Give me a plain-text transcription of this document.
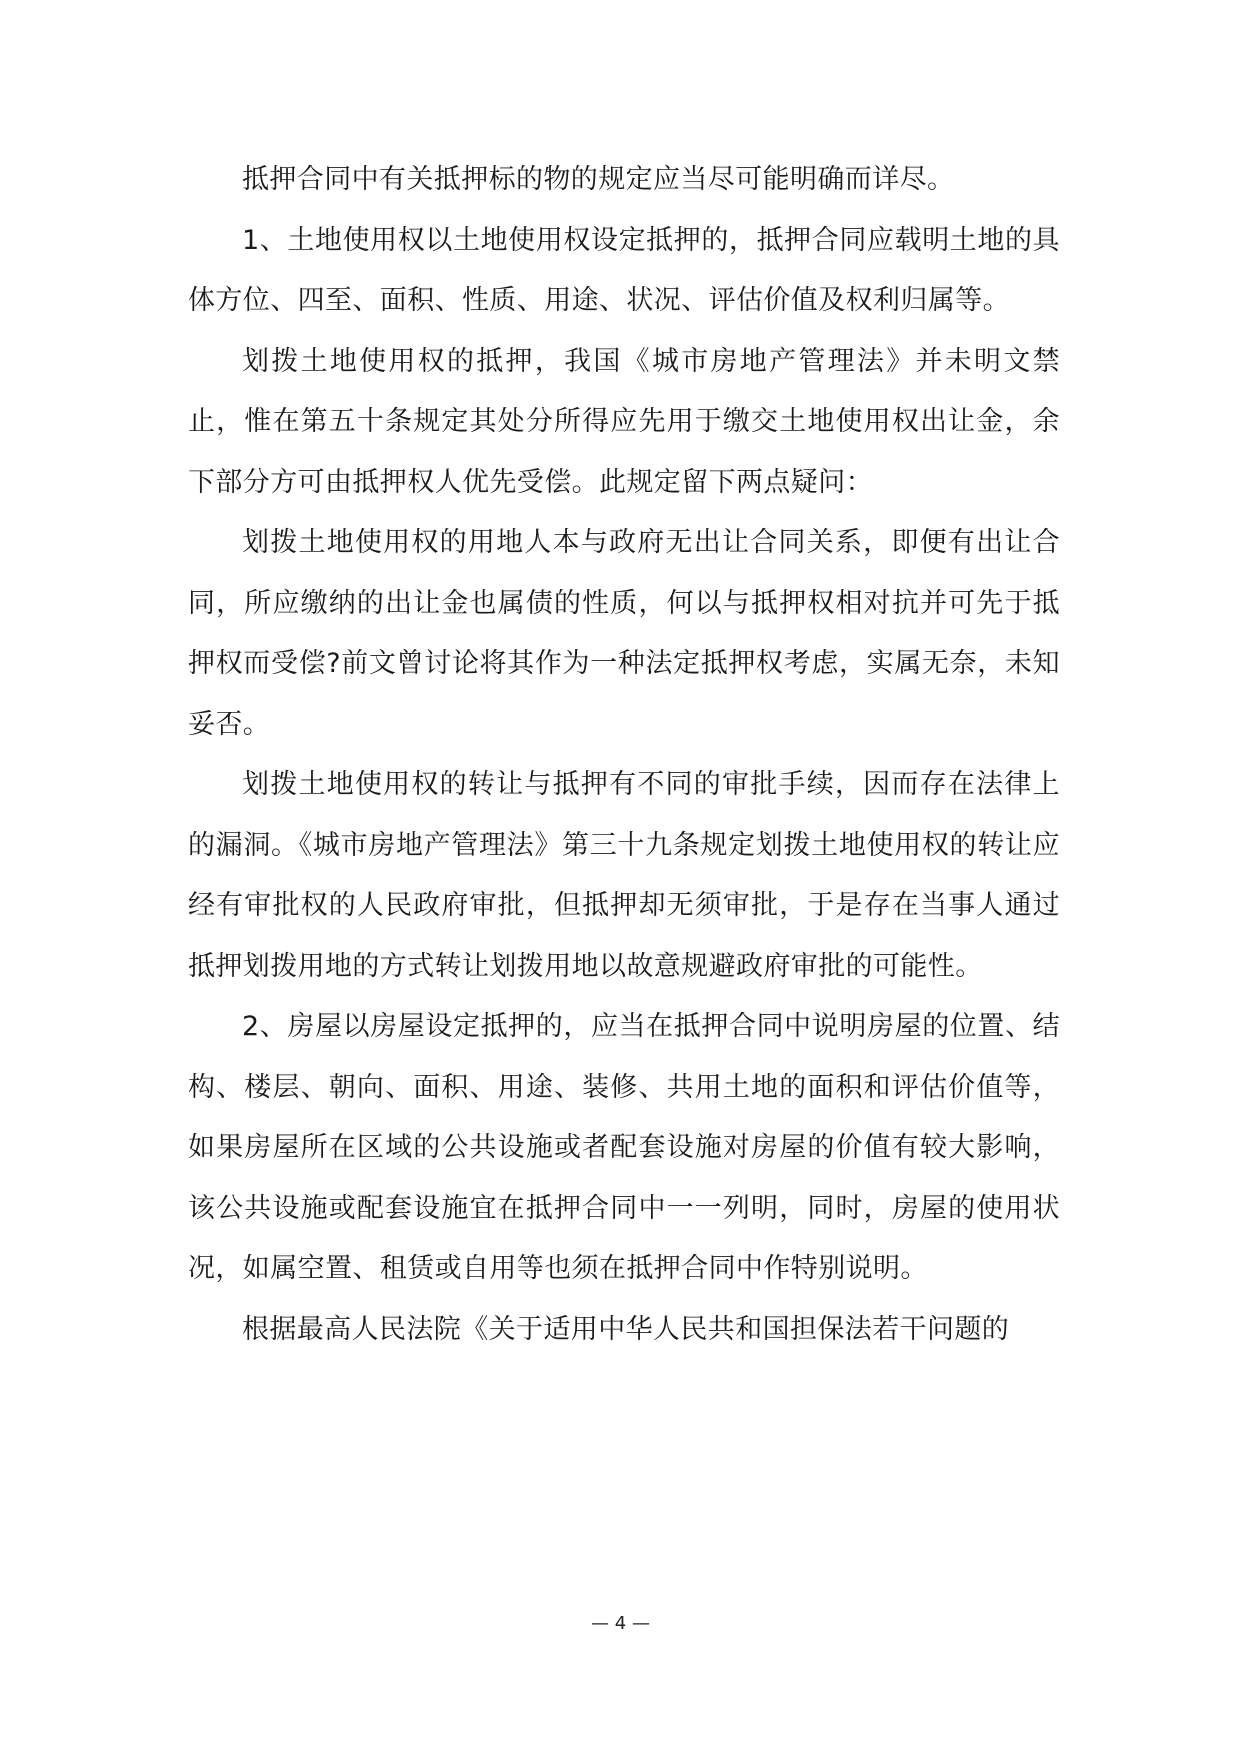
抵押合同中有关抵押标的物的规定应当尽可能明确而详尽。

1、土地使用权以土地使用权设定抵押的，抵押合同应载明土地的具体方位、四至、面积、性质、用途、状况、评估价值及权利归属等。

划拨土地使用权的抵押，我国《城市房地产管理法》并未明文禁止，惟在第五十条规定其处分所得应先用于缴交土地使用权出让金，余下部分方可由抵押权人优先受偿。此规定留下两点疑问：

划拨土地使用权的用地人本与政府无出让合同关系，即便有出让合同，所应缴纳的出让金也属债的性质，何以与抵押权相对抗并可先于抵押权而受偿?前文曾讨论将其作为一种法定抵押权考虑，实属无奈，未知妥否。

划拨土地使用权的转让与抵押有不同的审批手续，因而存在法律上的漏洞。《城市房地产管理法》第三十九条规定划拨土地使用权的转让应经有审批权的人民政府审批，但抵押却无须审批，于是存在当事人通过抵押划拨用地的方式转让划拨用地以故意规避政府审批的可能性。

2、房屋以房屋设定抵押的，应当在抵押合同中说明房屋的位置、结构、楼层、朝向、面积、用途、装修、共用土地的面积和评估价值等，如果房屋所在区域的公共设施或者配套设施对房屋的价值有较大影响，该公共设施或配套设施宜在抵押合同中一一列明，同时，房屋的使用状况，如属空置、租赁或自用等也须在抵押合同中作特别说明。

根据最高人民法院《关于适用中华人民共和国担保法若干问题的

— 4 —
